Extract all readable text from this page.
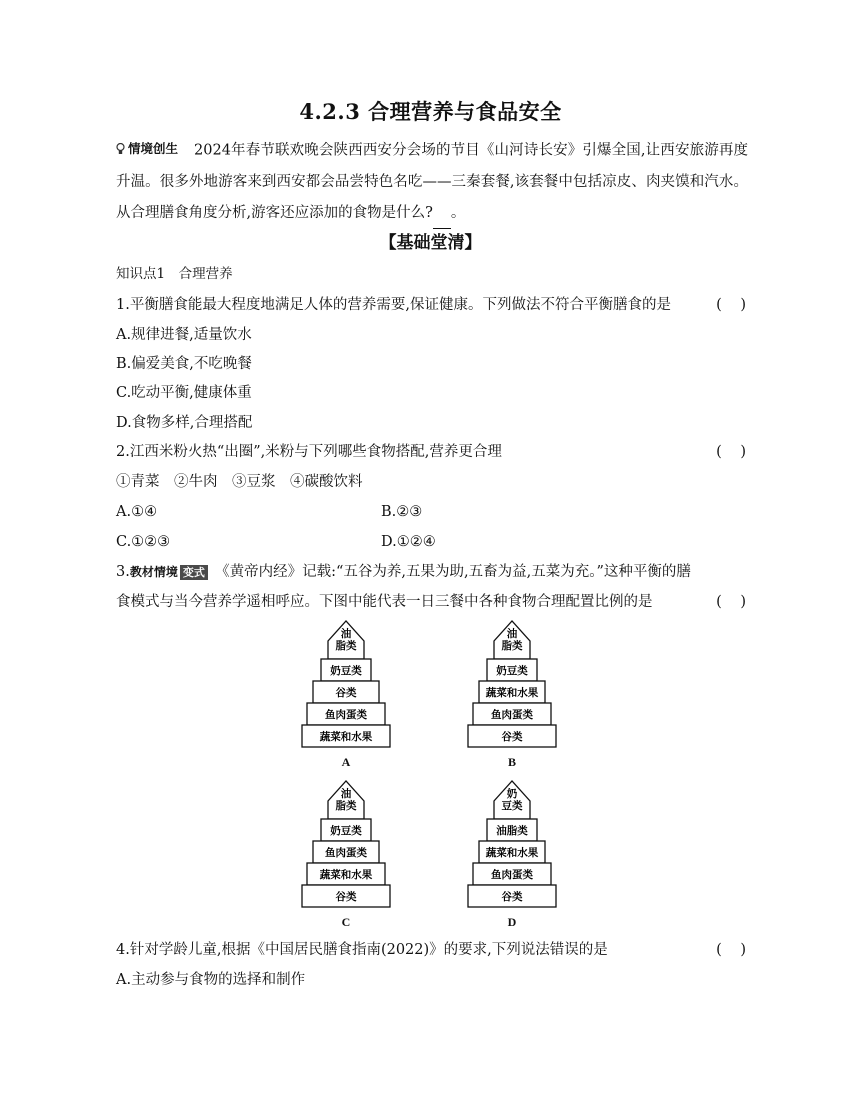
4.2.3 合理营养与食品安全
情境创生 2024年春节联欢晚会陕西西安分会场的节目《山河诗长安》引爆全国,让西安旅游再度升温。很多外地游客来到西安都会品尝特色名吃——三秦套餐,该套餐中包括凉皮、肉夹馍和汽水。从合理膳食角度分析,游客还应添加的食物是什么? 。
【基础堂清】
知识点1　合理营养
1.平衡膳食能最大程度地满足人体的营养需要,保证健康。下列做法不符合平衡膳食的是	(　)
A.规律进餐,适量饮水
B.偏爱美食,不吃晚餐
C.吃动平衡,健康体重
D.食物多样,合理搭配
2.江西米粉火热“出圈”,米粉与下列哪些食物搭配,营养更合理	(　)
①青菜　②牛肉　③豆浆　④碳酸饮料
A.①④	B.②③
C.①②③	D.①②④
3.教材情境 变式　 《黄帝内经》记载:“五谷为养,五果为助,五畜为益,五菜为充。”这种平衡的膳
食模式与当今营养学遥相呼应。下图中能代表一日三餐中各种食物合理配置比例的是	(　)
油
脂类
奶豆类
谷类
鱼肉蛋类
蔬菜和水果
A
油
脂类
奶豆类
蔬菜和水果
鱼肉蛋类
谷类
B
油
脂类
奶豆类
鱼肉蛋类
蔬菜和水果
谷类
C
奶
豆类
油脂类
蔬菜和水果
鱼肉蛋类
谷类
D
4.针对学龄儿童,根据《中国居民膳食指南(2022)》的要求,下列说法错误的是	(　)
A.主动参与食物的选择和制作
